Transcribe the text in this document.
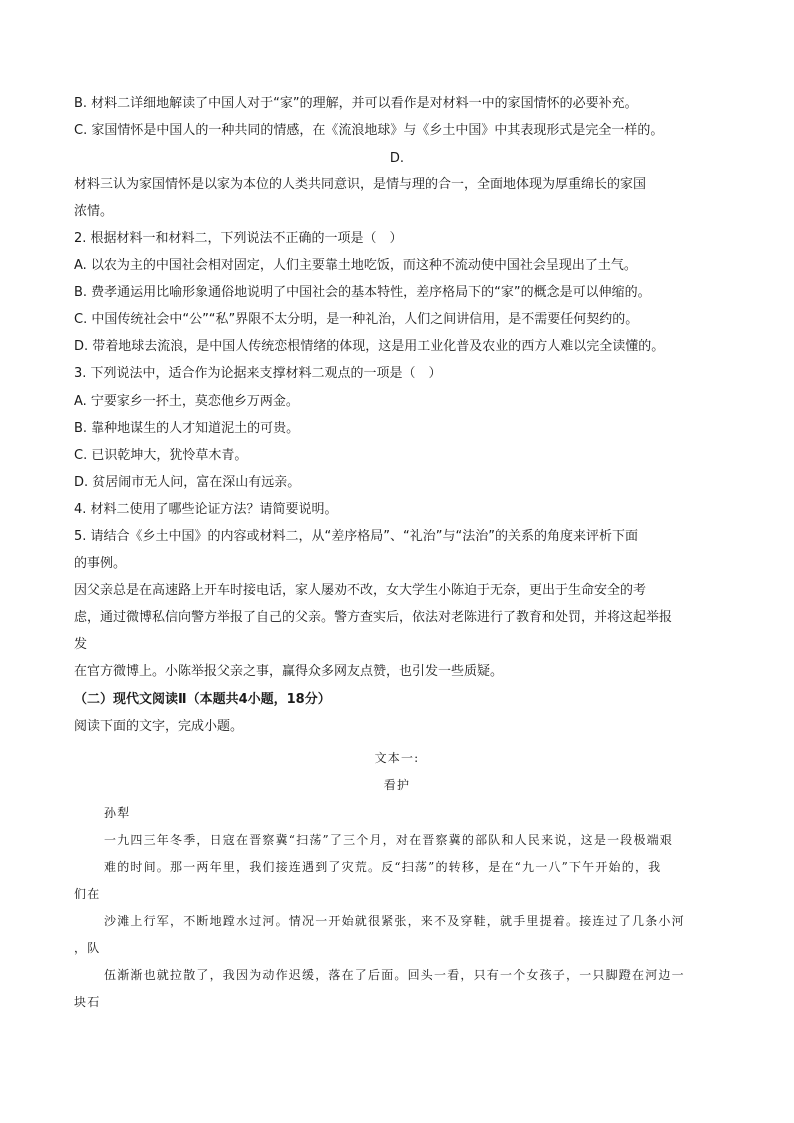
B. 材料二详细地解读了中国人对于“家”的理解，并可以看作是对材料一中的家国情怀的必要补充。
C. 家国情怀是中国人的一种共同的情感，在《流浪地球》与《乡土中国》中其表现形式是完全一样的。
D.
材料三认为家国情怀是以家为本位的人类共同意识，是情与理的合一，全面地体现为厚重绵长的家国
浓情。
2. 根据材料一和材料二，下列说法不正确的一项是（　）
A. 以农为主的中国社会相对固定，人们主要靠土地吃饭，而这种不流动使中国社会呈现出了土气。
B. 费孝通运用比喻形象通俗地说明了中国社会的基本特性，差序格局下的“家”的概念是可以伸缩的。
C. 中国传统社会中“公”“私”界限不太分明，是一种礼治，人们之间讲信用，是不需要任何契约的。
D. 带着地球去流浪，是中国人传统恋根情绪的体现，这是用工业化普及农业的西方人难以完全读懂的。
3. 下列说法中，适合作为论据来支撑材料二观点的一项是（　）
A. 宁要家乡一抔土，莫恋他乡万两金。
B. 靠种地谋生的人才知道泥土的可贵。
C. 已识乾坤大，犹怜草木青。
D. 贫居闹市无人问，富在深山有远亲。
4. 材料二使用了哪些论证方法？请简要说明。
5. 请结合《乡土中国》的内容或材料二，从“差序格局”、“礼治”与“法治”的关系的角度来评析下面
的事例。
因父亲总是在高速路上开车时接电话，家人屡劝不改，女大学生小陈迫于无奈，更出于生命安全的考
虑，通过微博私信向警方举报了自己的父亲。警方查实后，依法对老陈进行了教育和处罚，并将这起举报
发
在官方微博上。小陈举报父亲之事，赢得众多网友点赞，也引发一些质疑。
（二）现代文阅读Ⅱ（本题共4小题，18分）
阅读下面的文字，完成小题。
文本一:
看护
孙犁
一九四三年冬季，日寇在晋察冀“扫荡”了三个月，对在晋察冀的部队和人民来说，这是一段极端艰
难的时间。那一两年里，我们接连遇到了灾荒。反“扫荡”的转移，是在“九一八”下午开始的，我
们在
沙滩上行军，不断地蹚水过河。情况一开始就很紧张，来不及穿鞋，就手里提着。接连过了几条小河
，队
伍渐渐也就拉散了，我因为动作迟缓，落在了后面。回头一看，只有一个女孩子，一只脚蹬在河边一
块石
